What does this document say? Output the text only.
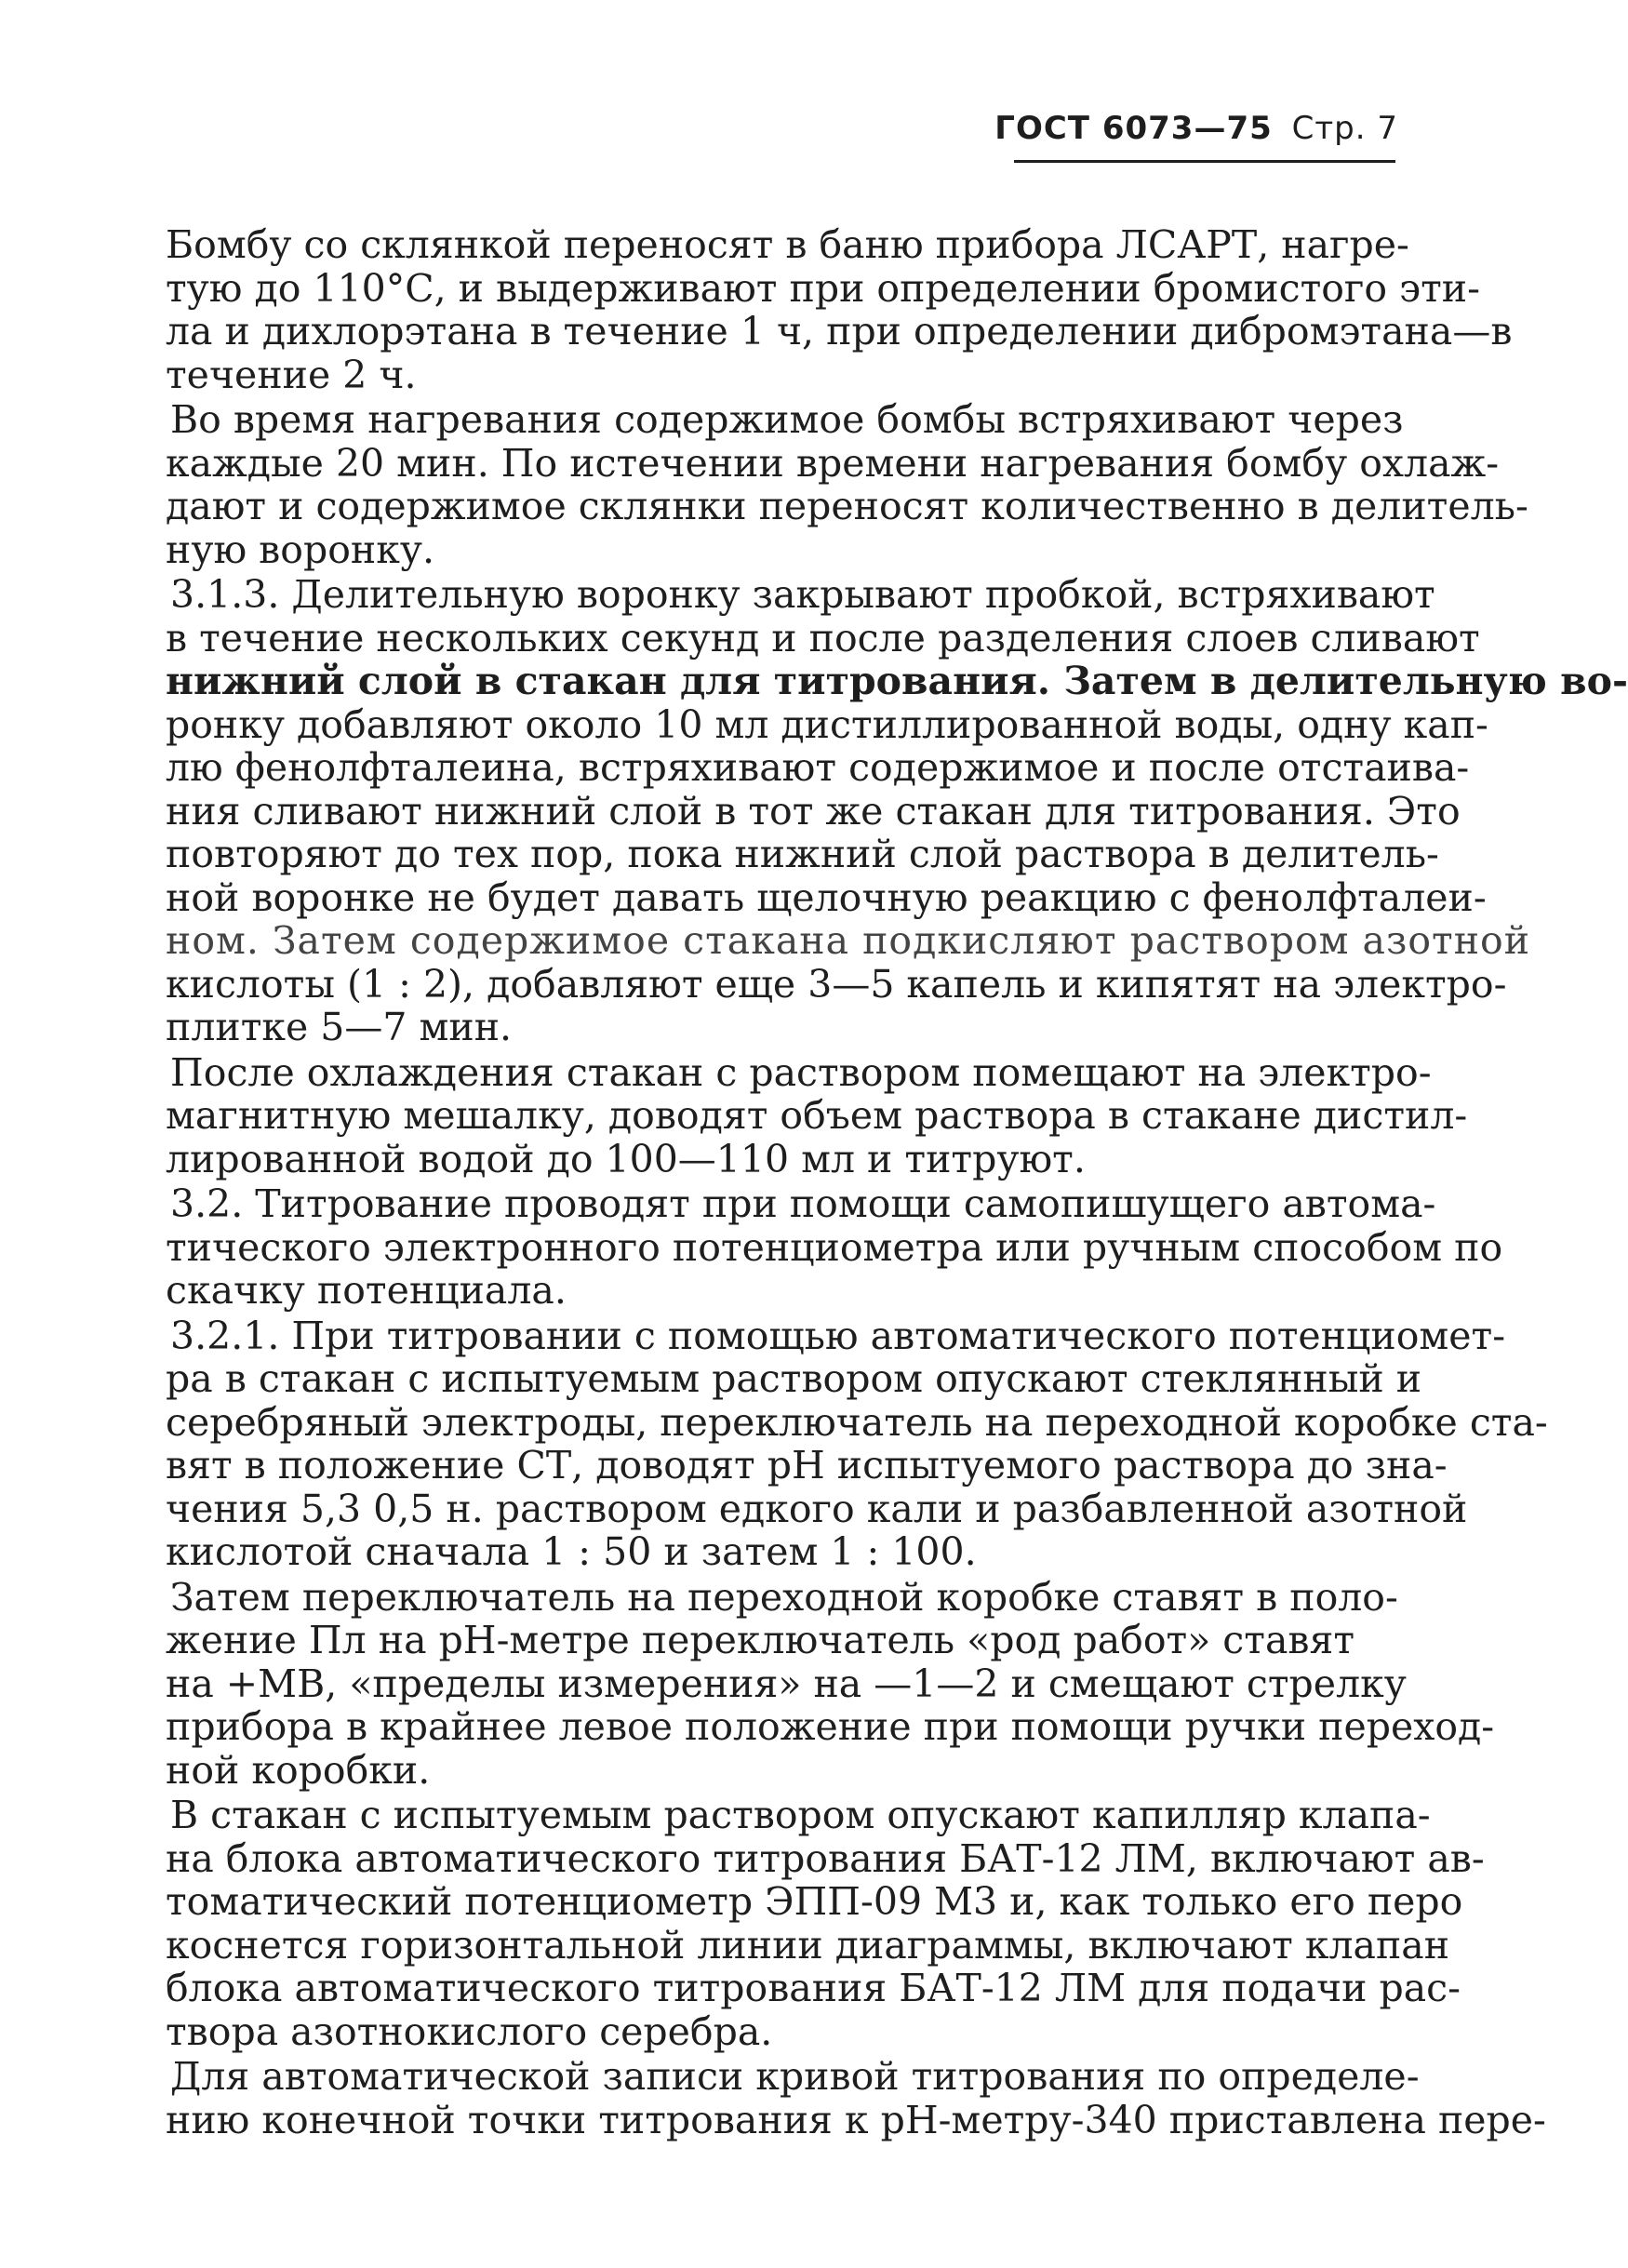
ГОСТ 6073—75 Стр. 7
Бомбу со склянкой переносят в баню прибора ЛСАРТ, нагре-
тую до 110°С, и выдерживают при определении бромистого эти-
ла и дихлорэтана в течение 1 ч, при определении дибромэтана—в
течение 2 ч.
Во время нагревания содержимое бомбы встряхивают через
каждые 20 мин. По истечении времени нагревания бомбу охлаж-
дают и содержимое склянки переносят количественно в делитель-
ную воронку.
3.1.3. Делительную воронку закрывают пробкой, встряхивают
в течение нескольких секунд и после разделения слоев сливают
нижний слой в стакан для титрования. Затем в делительную во-
ронку добавляют около 10 мл дистиллированной воды, одну кап-
лю фенолфталеина, встряхивают содержимое и после отстаива-
ния сливают нижний слой в тот же стакан для титрования. Это
повторяют до тех пор, пока нижний слой раствора в делитель-
ной воронке не будет давать щелочную реакцию с фенолфталеи-
ном. Затем содержимое стакана подкисляют раствором азотной
кислоты (1 : 2), добавляют еще 3—5 капель и кипятят на электро-
плитке 5—7 мин.
После охлаждения стакан с раствором помещают на электро-
магнитную мешалку, доводят объем раствора в стакане дистил-
лированной водой до 100—110 мл и титруют.
3.2. Титрование проводят при помощи самопишущего автома-
тического электронного потенциометра или ручным способом по
скачку потенциала.
3.2.1. При титровании с помощью автоматического потенциомет-
ра в стакан с испытуемым раствором опускают стеклянный и
серебряный электроды, переключатель на переходной коробке ста-
вят в положение СТ, доводят pH испытуемого раствора до зна-
чения 5,3 0,5 н. раствором едкого кали и разбавленной азотной
кислотой сначала 1 : 50 и затем 1 : 100.
Затем переключатель на переходной коробке ставят в поло-
жение Пл на pH-метре переключатель «род работ» ставят
на +МВ, «пределы измерения» на —1—2 и смещают стрелку
прибора в крайнее левое положение при помощи ручки переход-
ной коробки.
В стакан с испытуемым раствором опускают капилляр клапа-
на блока автоматического титрования БАТ-12 ЛМ, включают ав-
томатический потенциометр ЭПП-09 М3 и, как только его перо
коснется горизонтальной линии диаграммы, включают клапан
блока автоматического титрования БАТ-12 ЛМ для подачи рас-
твора азотнокислого серебра.
Для автоматической записи кривой титрования по определе-
нию конечной точки титрования к pH-метру-340 приставлена пере-
